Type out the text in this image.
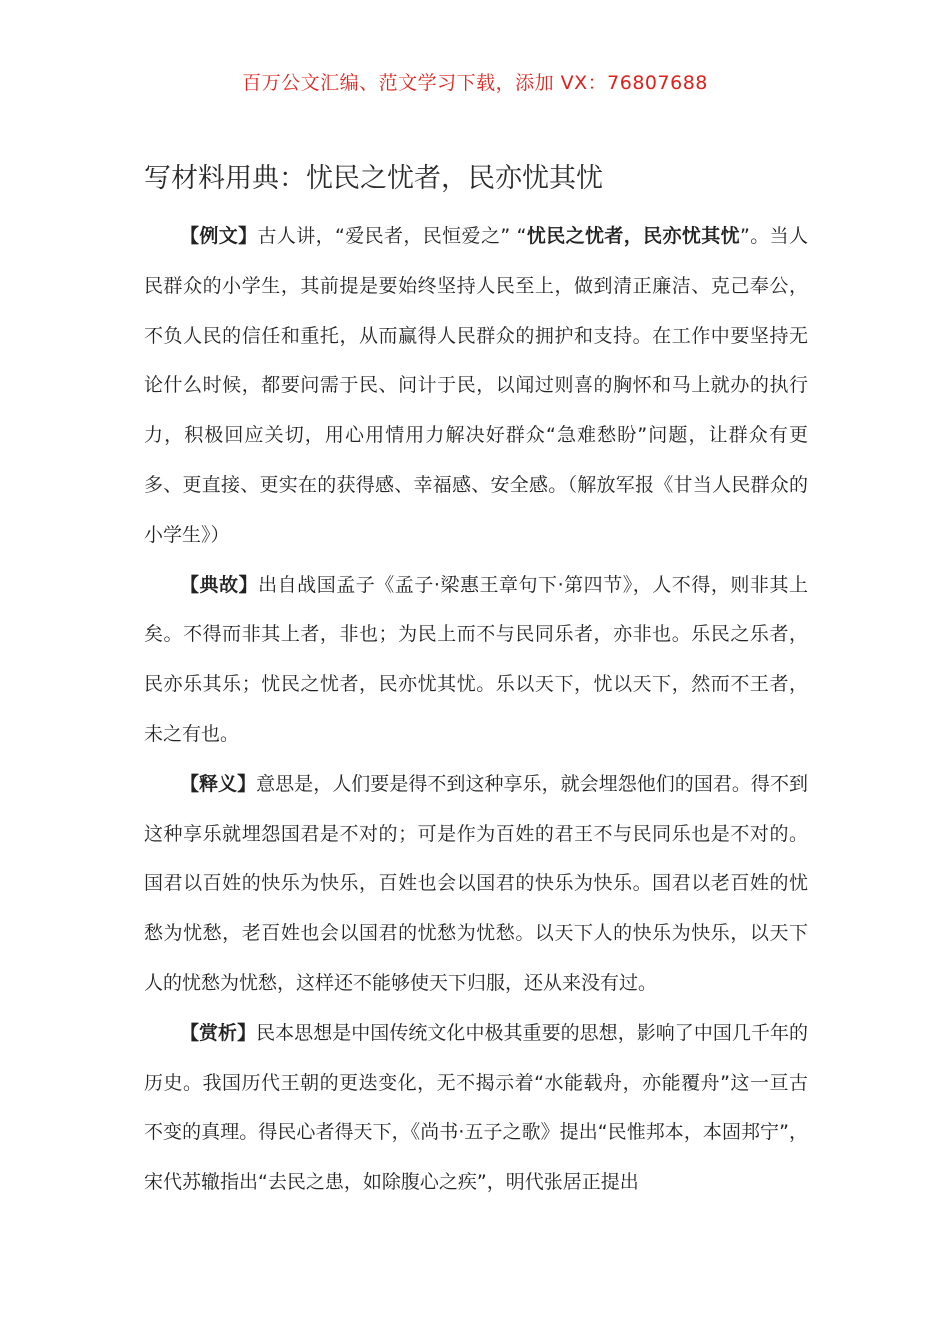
百万公文汇编、范文学习下载，添加 VX：76807688
写材料用典：忧民之忧者，民亦忧其忧

【例文】古人讲，“爱民者，民恒爱之” “忧民之忧者，民亦忧其忧”。当人民群众的小学生，其前提是要始终坚持人民至上，做到清正廉洁、克己奉公，不负人民的信任和重托，从而赢得人民群众的拥护和支持。在工作中要坚持无论什么时候，都要问需于民、问计于民，以闻过则喜的胸怀和马上就办的执行力，积极回应关切，用心用情用力解决好群众“急难愁盼”问题，让群众有更多、更直接、更实在的获得感、幸福感、安全感。（解放军报《甘当人民群众的小学生》）

【典故】出自战国孟子《孟子·梁惠王章句下·第四节》，人不得，则非其上矣。不得而非其上者，非也；为民上而不与民同乐者，亦非也。乐民之乐者，民亦乐其乐；忧民之忧者，民亦忧其忧。乐以天下，忧以天下，然而不王者，未之有也。

【释义】意思是，人们要是得不到这种享乐，就会埋怨他们的国君。得不到这种享乐就埋怨国君是不对的；可是作为百姓的君王不与民同乐也是不对的。国君以百姓的快乐为快乐，百姓也会以国君的快乐为快乐。国君以老百姓的忧愁为忧愁，老百姓也会以国君的忧愁为忧愁。以天下人的快乐为快乐，以天下人的忧愁为忧愁，这样还不能够使天下归服，还从来没有过。

【赏析】民本思想是中国传统文化中极其重要的思想，影响了中国几千年的历史。我国历代王朝的更迭变化，无不揭示着“水能载舟，亦能覆舟”这一亘古不变的真理。得民心者得天下，《尚书·五子之歌》提出“民惟邦本，本固邦宁”，宋代苏辙指出“去民之患，如除腹心之疾”，明代张居正提出
